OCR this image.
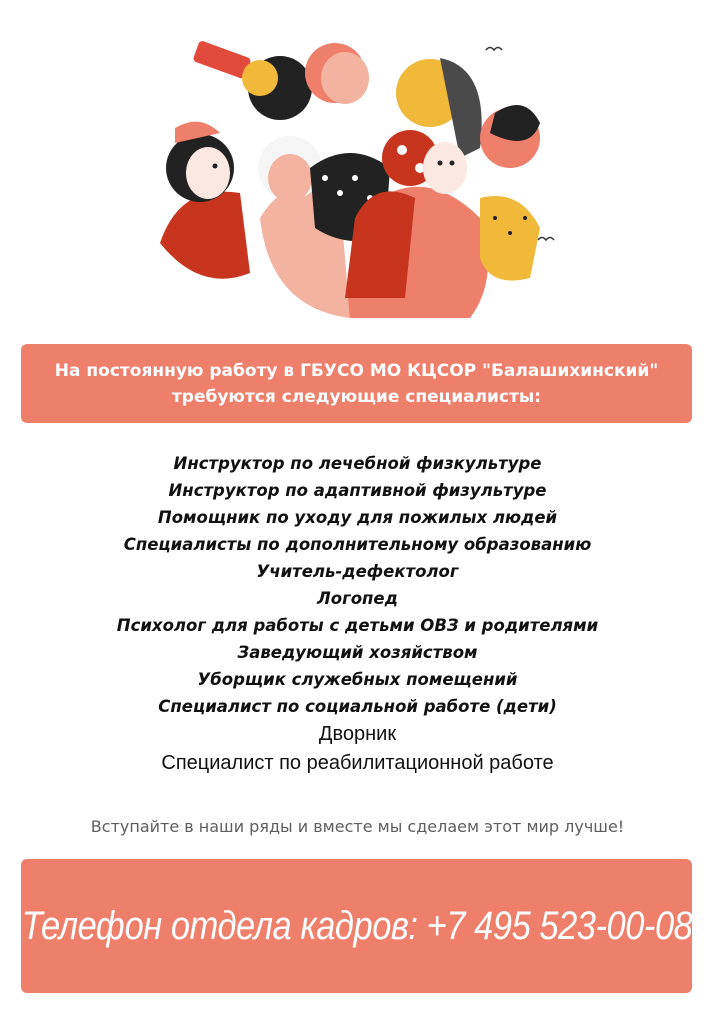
На постоянную работу в ГБУСО МО КЦСОР "Балашихинский"
требуются следующие специалисты:
Инструктор по лечебной физкультуре
Инструктор по адаптивной физультуре
Помощник по уходу для пожилых людей
Специалисты по дополнительному образованию
Учитель-дефектолог
Логопед
Психолог для работы с детьми ОВЗ и родителями
Заведующий хозяйством
Уборщик служебных помещений
Специалист по социальной работе (дети)
Дворник
Специалист по реабилитационной работе
Вступайте в наши ряды и вместе мы сделаем этот мир лучше!
Телефон отдела кадров: +7 495 523-00-08
